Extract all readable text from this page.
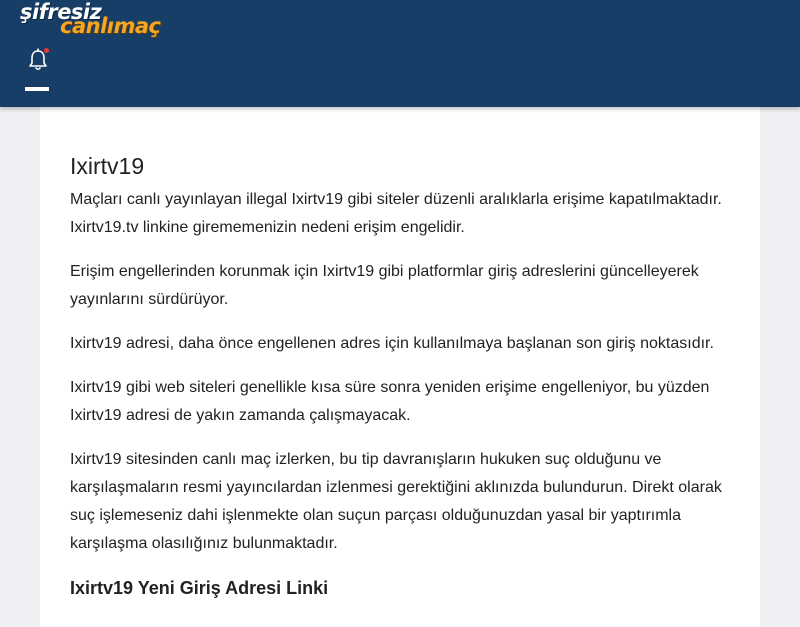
şifresiz
canlımaç
Ixirtv19

Maçları canlı yayınlayan illegal Ixirtv19 gibi siteler düzenli aralıklarla erişime kapatılmaktadır. Ixirtv19.tv linkine girememenizin nedeni erişim engelidir.

Erişim engellerinden korunmak için Ixirtv19 gibi platformlar giriş adreslerini güncelleyerek yayınlarını sürdürüyor.

Ixirtv19 adresi, daha önce engellenen adres için kullanılmaya başlanan son giriş noktasıdır.

Ixirtv19 gibi web siteleri genellikle kısa süre sonra yeniden erişime engelleniyor, bu yüzden Ixirtv19 adresi de yakın zamanda çalışmayacak.

Ixirtv19 sitesinden canlı maç izlerken, bu tip davranışların hukuken suç olduğunu ve karşılaşmaların resmi yayıncılardan izlenmesi gerektiğini aklınızda bulundurun. Direkt olarak suç işlemeseniz dahi işlenmekte olan suçun parçası olduğunuzdan yasal bir yaptırımla karşılaşma olasılığınız bulunmaktadır.

Ixirtv19 Yeni Giriş Adresi Linki
